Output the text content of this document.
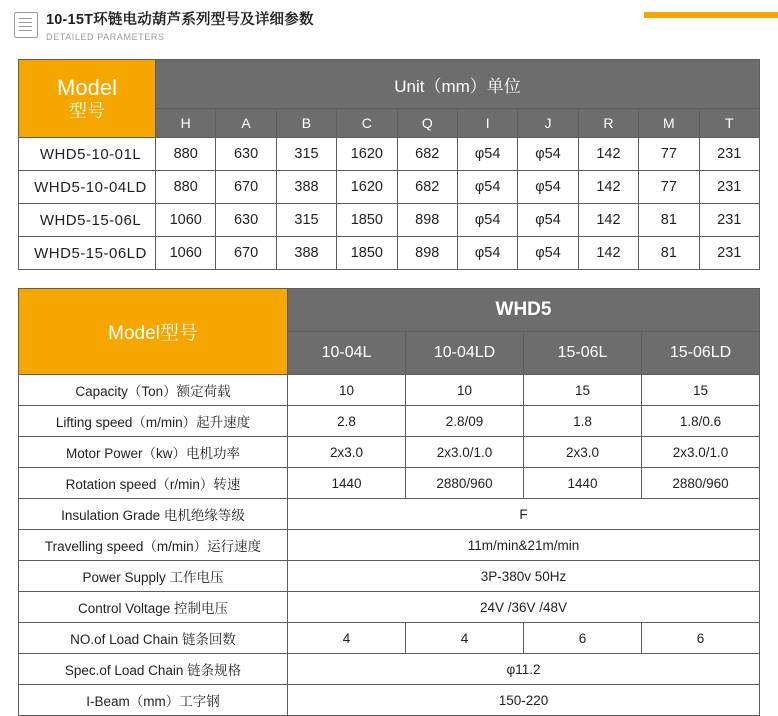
10-15T环链电动葫芦系列型号及详细参数
DETAILED PARAMETERS
Model
型号	Unit（mm）单位									
	H	A	B	C	Q	I	J	R	M	T
WHD5-10-01L	880	630	315	1620	682	φ54	φ54	142	77	231
WHD5-10-04LD	880	670	388	1620	682	φ54	φ54	142	77	231
WHD5-15-06L	1060	630	315	1850	898	φ54	φ54	142	81	231
WHD5-15-06LD	1060	670	388	1850	898	φ54	φ54	142	81	231
Model型号	WHD5			
	10-04L	10-04LD	15-06L	15-06LD
Capacity（Ton）额定荷载	10	10	15	15
Lifting speed（m/min）起升速度	2.8	2.8/09	1.8	1.8/0.6
Motor Power（kw）电机功率	2x3.0	2x3.0/1.0	2x3.0	2x3.0/1.0
Rotation speed（r/min）转速	1440	2880/960	1440	2880/960
Insulation Grade 电机绝缘等级	F			
Travelling speed（m/min）运行速度	11m/min&21m/min			
Power Supply 工作电压	3P-380v 50Hz			
Control Voltage 控制电压	24V /36V /48V			
NO.of Load Chain 链条回数	4	4	6	6
Spec.of Load Chain 链条规格	φ11.2			
I-Beam（mm）工字钢	150-220			
